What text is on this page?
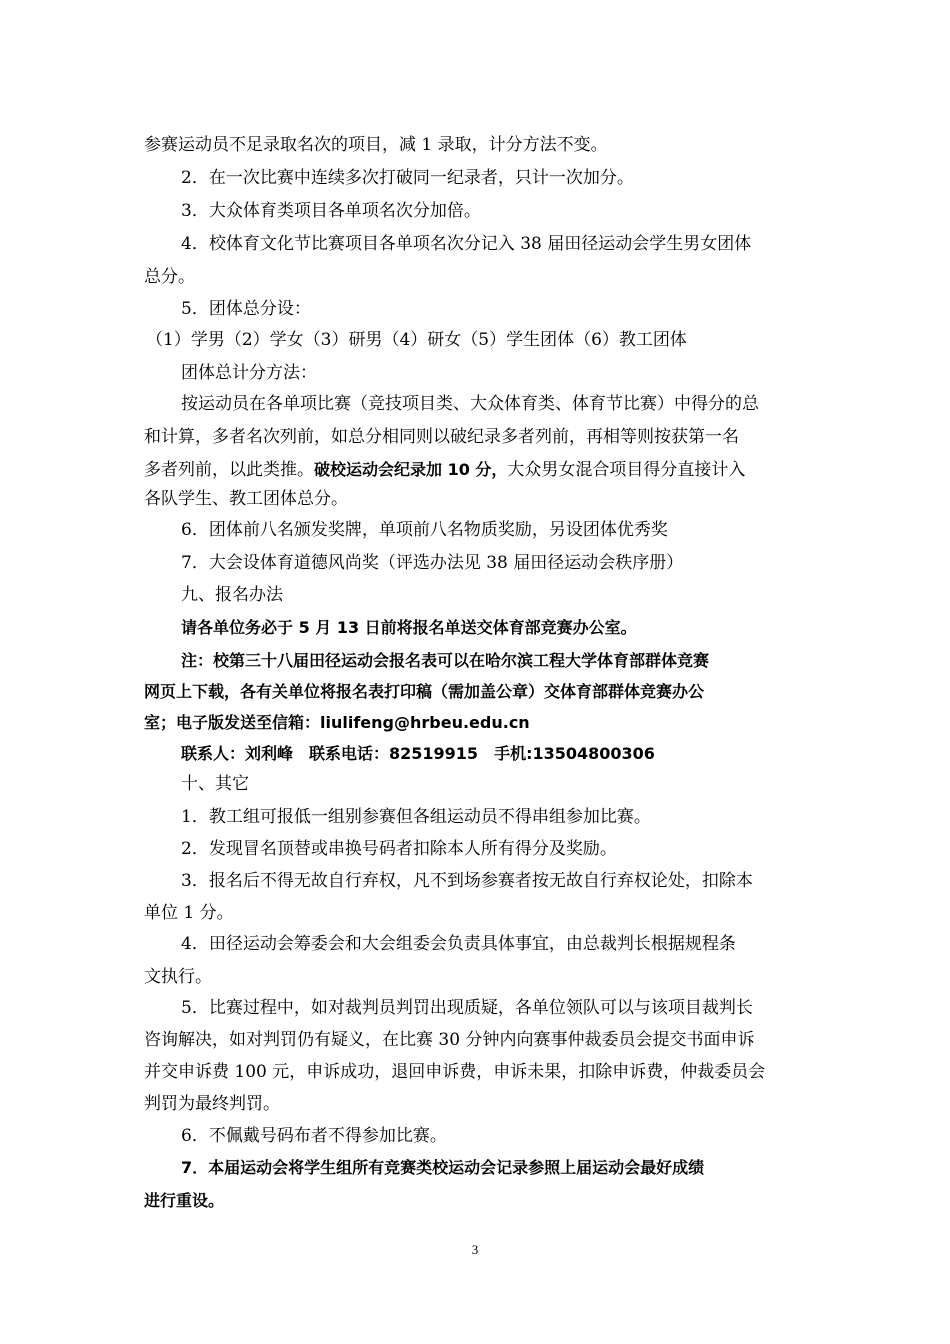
参赛运动员不足录取名次的项目，减 1 录取，计分方法不变。
2．在一次比赛中连续多次打破同一纪录者，只计一次加分。
3．大众体育类项目各单项名次分加倍。
4．校体育文化节比赛项目各单项名次分记入 38 届田径运动会学生男女团体
总分。
5．团体总分设：
（1）学男（2）学女（3）研男（4）研女（5）学生团体（6）教工团体
团体总计分方法：
按运动员在各单项比赛（竞技项目类、大众体育类、体育节比赛）中得分的总
和计算，多者名次列前，如总分相同则以破纪录多者列前，再相等则按获第一名
多者列前，以此类推。破校运动会纪录加 10 分，大众男女混合项目得分直接计入
各队学生、教工团体总分。
6．团体前八名颁发奖牌，单项前八名物质奖励，另设团体优秀奖
7．大会设体育道德风尚奖（评选办法见 38 届田径运动会秩序册）
九、报名办法
请各单位务必于 5 月 13 日前将报名单送交体育部竞赛办公室。
注：校第三十八届田径运动会报名表可以在哈尔滨工程大学体育部群体竞赛
网页上下载，各有关单位将报名表打印稿（需加盖公章）交体育部群体竞赛办公
室；电子版发送至信箱：liulifeng@hrbeu.edu.cn
联系人：刘利峰　联系电话：82519915　手机:13504800306
十、其它
1．教工组可报低一组别参赛但各组运动员不得串组参加比赛。
2．发现冒名顶替或串换号码者扣除本人所有得分及奖励。
3．报名后不得无故自行弃权，凡不到场参赛者按无故自行弃权论处，扣除本
单位 1 分。
4．田径运动会筹委会和大会组委会负责具体事宜，由总裁判长根据规程条
文执行。
5．比赛过程中，如对裁判员判罚出现质疑，各单位领队可以与该项目裁判长
咨询解决，如对判罚仍有疑义，在比赛 30 分钟内向赛事仲裁委员会提交书面申诉
并交申诉费 100 元，申诉成功，退回申诉费，申诉未果，扣除申诉费，仲裁委员会
判罚为最终判罚。
6．不佩戴号码布者不得参加比赛。
7．本届运动会将学生组所有竞赛类校运动会记录参照上届运动会最好成绩
进行重设。
3
